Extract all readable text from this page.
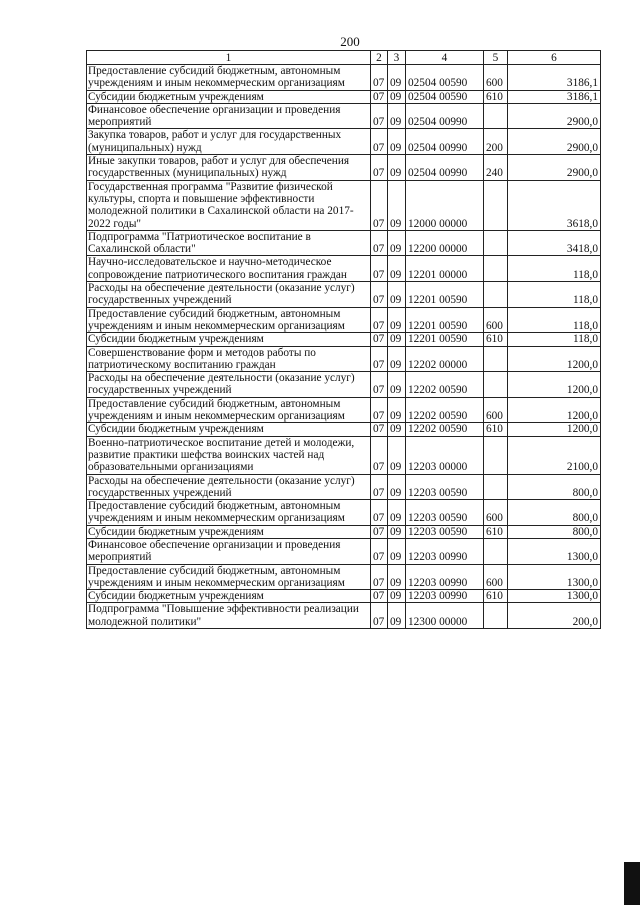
200
1	2	3	4	5	6
Предоставление субсидий бюджетным, автономным учреждениям и иным некоммерческим организациям	07	09	02504 00590	600	3186,1
Субсидии бюджетным учреждениям	07	09	02504 00590	610	3186,1
Финансовое обеспечение организации и проведения мероприятий	07	09	02504 00990		2900,0
Закупка товаров, работ и услуг для государственных (муниципальных) нужд	07	09	02504 00990	200	2900,0
Иные закупки товаров, работ и услуг для обеспечения государственных (муниципальных) нужд	07	09	02504 00990	240	2900,0
Государственная программа "Развитие физической культуры, спорта и повышение эффективности молодежной политики в Сахалинской области на 2017-2022 годы"	07	09	12000 00000		3618,0
Подпрограмма "Патриотическое воспитание в Сахалинской области"	07	09	12200 00000		3418,0
Научно-исследовательское и научно-методическое сопровождение патриотического воспитания граждан	07	09	12201 00000		118,0
Расходы на обеспечение деятельности (оказание услуг) государственных учреждений	07	09	12201 00590		118,0
Предоставление субсидий бюджетным, автономным учреждениям и иным некоммерческим организациям	07	09	12201 00590	600	118,0
Субсидии бюджетным учреждениям	07	09	12201 00590	610	118,0
Совершенствование форм и методов работы по патриотическому воспитанию граждан	07	09	12202 00000		1200,0
Расходы на обеспечение деятельности (оказание услуг) государственных учреждений	07	09	12202 00590		1200,0
Предоставление субсидий бюджетным, автономным учреждениям и иным некоммерческим организациям	07	09	12202 00590	600	1200,0
Субсидии бюджетным учреждениям	07	09	12202 00590	610	1200,0
Военно-патриотическое воспитание детей и молодежи, развитие практики шефства воинских частей над образовательными организациями	07	09	12203 00000		2100,0
Расходы на обеспечение деятельности (оказание услуг) государственных учреждений	07	09	12203 00590		800,0
Предоставление субсидий бюджетным, автономным учреждениям и иным некоммерческим организациям	07	09	12203 00590	600	800,0
Субсидии бюджетным учреждениям	07	09	12203 00590	610	800,0
Финансовое обеспечение организации и проведения мероприятий	07	09	12203 00990		1300,0
Предоставление субсидий бюджетным, автономным учреждениям и иным некоммерческим организациям	07	09	12203 00990	600	1300,0
Субсидии бюджетным учреждениям	07	09	12203 00990	610	1300,0
Подпрограмма "Повышение эффективности реализации молодежной политики"	07	09	12300 00000		200,0
